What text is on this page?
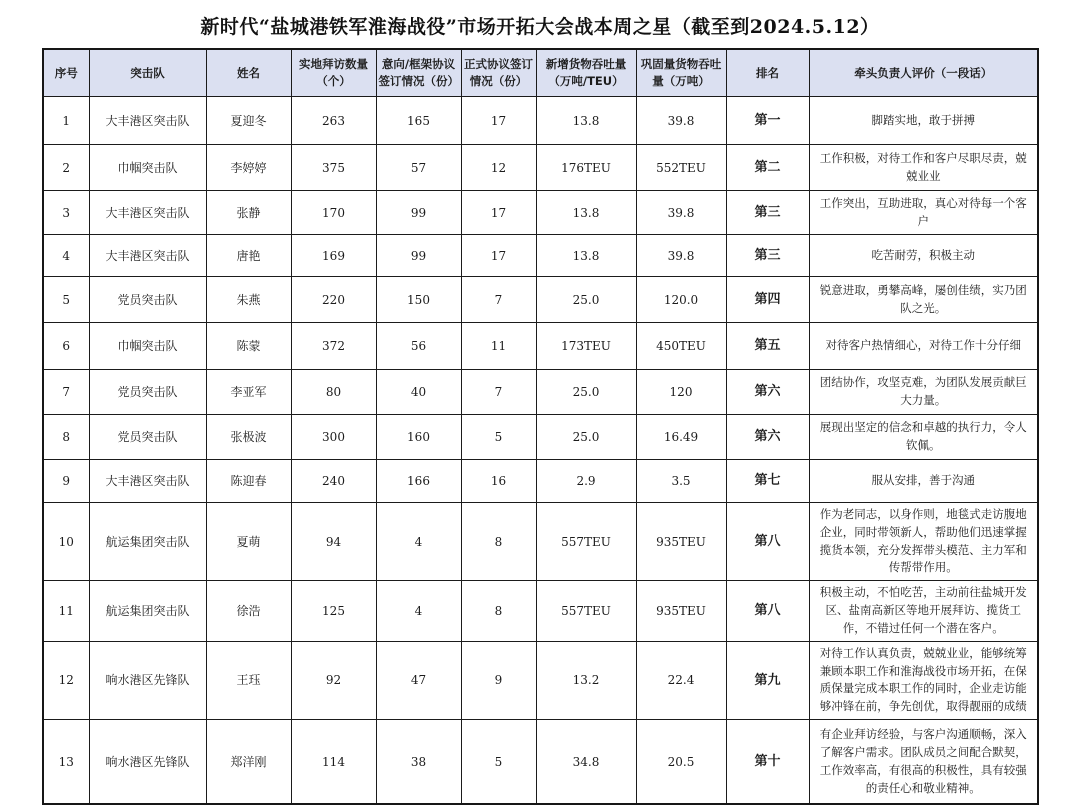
新时代“盐城港铁军淮海战役”市场开拓大会战本周之星（截至到2024.5.12）
序号	突击队	姓名	实地拜访数量（个）	意向/框架协议签订情况（份）	正式协议签订情况（份）	新增货物吞吐量（万吨/TEU）	巩固量货物吞吐量（万吨）	排名	牵头负责人评价（一段话）
1	大丰港区突击队	夏迎冬	263	165	17	13.8	39.8	第一	脚踏实地，敢于拼搏
2	巾帼突击队	李婷婷	375	57	12	176TEU	552TEU	第二	工作积极，对待工作和客户尽职尽责，兢兢业业
3	大丰港区突击队	张静	170	99	17	13.8	39.8	第三	工作突出，互助进取，真心对待每一个客户
4	大丰港区突击队	唐艳	169	99	17	13.8	39.8	第三	吃苦耐劳，积极主动
5	党员突击队	朱燕	220	150	7	25.0	120.0	第四	锐意进取，勇攀高峰，屡创佳绩，实乃团队之光。
6	巾帼突击队	陈蒙	372	56	11	173TEU	450TEU	第五	对待客户热情细心，对待工作十分仔细
7	党员突击队	李亚军	80	40	7	25.0	120	第六	团结协作，攻坚克难，为团队发展贡献巨大力量。
8	党员突击队	张极波	300	160	5	25.0	16.49	第六	展现出坚定的信念和卓越的执行力，令人钦佩。
9	大丰港区突击队	陈迎春	240	166	16	2.9	3.5	第七	服从安排，善于沟通
10	航运集团突击队	夏萌	94	4	8	557TEU	935TEU	第八	作为老同志，以身作则，地毯式走访腹地企业，同时带领新人，帮助他们迅速掌握揽货本领，充分发挥带头模范、主力军和传帮带作用。
11	航运集团突击队	徐浩	125	4	8	557TEU	935TEU	第八	积极主动，不怕吃苦，主动前往盐城开发区、盐南高新区等地开展拜访、揽货工作，不错过任何一个潜在客户。
12	响水港区先锋队	王珏	92	47	9	13.2	22.4	第九	对待工作认真负责，兢兢业业，能够统筹兼顾本职工作和淮海战役市场开拓，在保质保量完成本职工作的同时，企业走访能够冲锋在前，争先创优，取得靓丽的成绩
13	响水港区先锋队	郑洋刚	114	38	5	34.8	20.5	第十	有企业拜访经验，与客户沟通顺畅，深入了解客户需求。团队成员之间配合默契，工作效率高，有很高的积极性，具有较强的责任心和敬业精神。
